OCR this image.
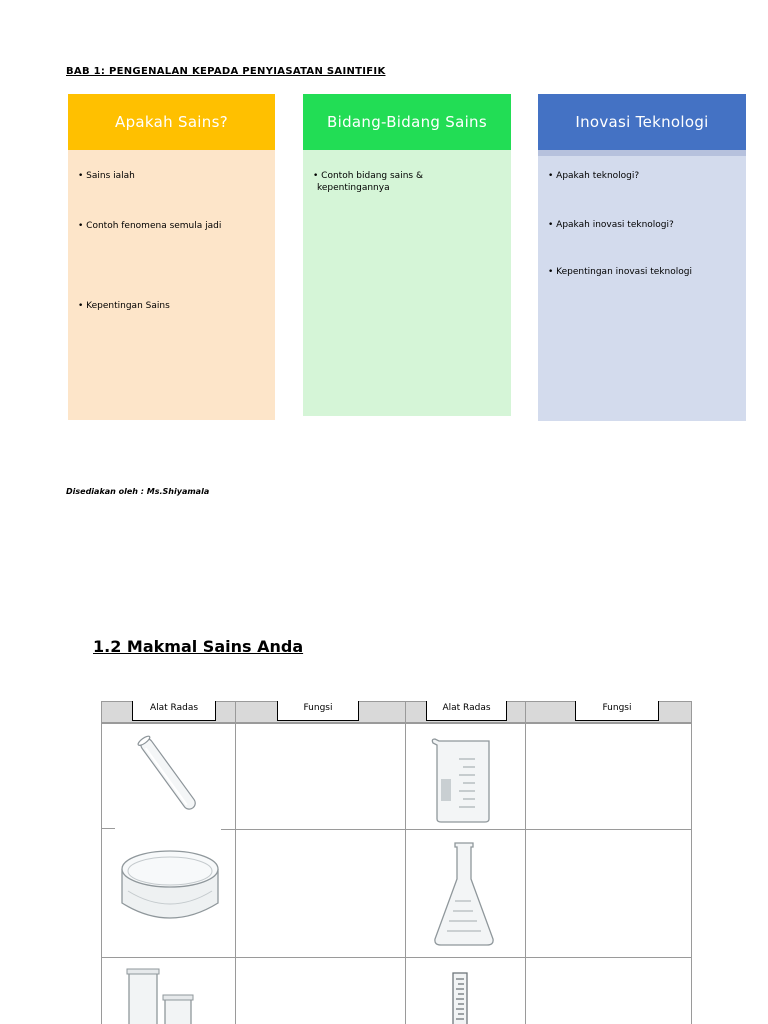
BAB 1: PENGENALAN KEPADA PENYIASATAN SAINTIFIK
Apakah Sains?
• Sains ialah
• Contoh fenomena semula jadi
• Kepentingan Sains
Bidang-Bidang Sains
• Contoh bidang sains & kepentingannya
Inovasi Teknologi
• Apakah teknologi?
• Apakah inovasi teknologi?
• Kepentingan inovasi teknologi

Disediakan oleh : Ms.Shiyamala

1.2 Makmal Sains Anda
Alat Radas	Fungsi	Alat Radas	Fungsi
